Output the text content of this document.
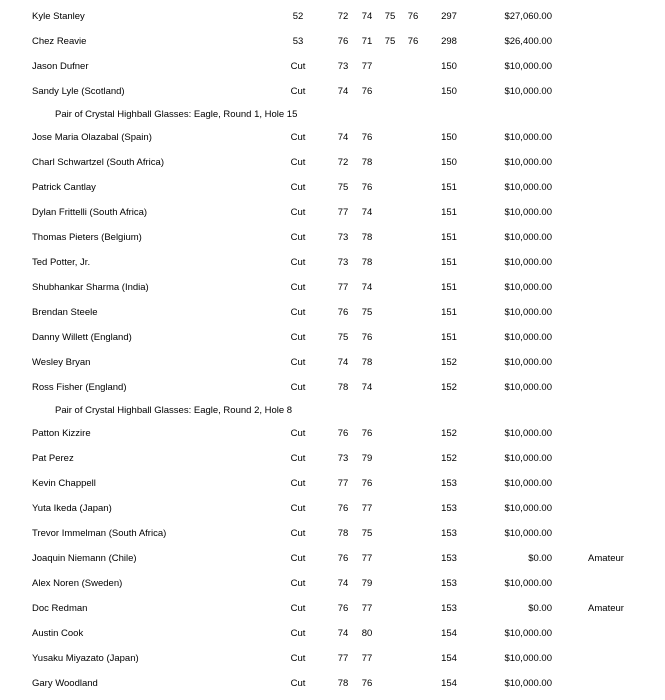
Kyle Stanley	52	72	74	75	76	297	$27,060.00
Chez Reavie	53	76	71	75	76	298	$26,400.00
Jason Dufner	Cut	73	77	150	$10,000.00
Sandy Lyle (Scotland)	Cut	74	76	150	$10,000.00
Pair of Crystal Highball Glasses: Eagle, Round 1, Hole 15
Jose Maria Olazabal (Spain)	Cut	74	76	150	$10,000.00
Charl Schwartzel (South Africa)	Cut	72	78	150	$10,000.00
Patrick Cantlay	Cut	75	76	151	$10,000.00
Dylan Frittelli (South Africa)	Cut	77	74	151	$10,000.00
Thomas Pieters (Belgium)	Cut	73	78	151	$10,000.00
Ted Potter, Jr.	Cut	73	78	151	$10,000.00
Shubhankar Sharma (India)	Cut	77	74	151	$10,000.00
Brendan Steele	Cut	76	75	151	$10,000.00
Danny Willett (England)	Cut	75	76	151	$10,000.00
Wesley Bryan	Cut	74	78	152	$10,000.00
Ross Fisher (England)	Cut	78	74	152	$10,000.00
Pair of Crystal Highball Glasses: Eagle, Round 2, Hole 8
Patton Kizzire	Cut	76	76	152	$10,000.00
Pat Perez	Cut	73	79	152	$10,000.00
Kevin Chappell	Cut	77	76	153	$10,000.00
Yuta Ikeda (Japan)	Cut	76	77	153	$10,000.00
Trevor Immelman (South Africa)	Cut	78	75	153	$10,000.00
Joaquin Niemann (Chile)	Cut	76	77	153	$0.00	Amateur
Alex Noren (Sweden)	Cut	74	79	153	$10,000.00
Doc Redman	Cut	76	77	153	$0.00	Amateur
Austin Cook	Cut	74	80	154	$10,000.00
Yusaku Miyazato (Japan)	Cut	77	77	154	$10,000.00
Gary Woodland	Cut	78	76	154	$10,000.00
